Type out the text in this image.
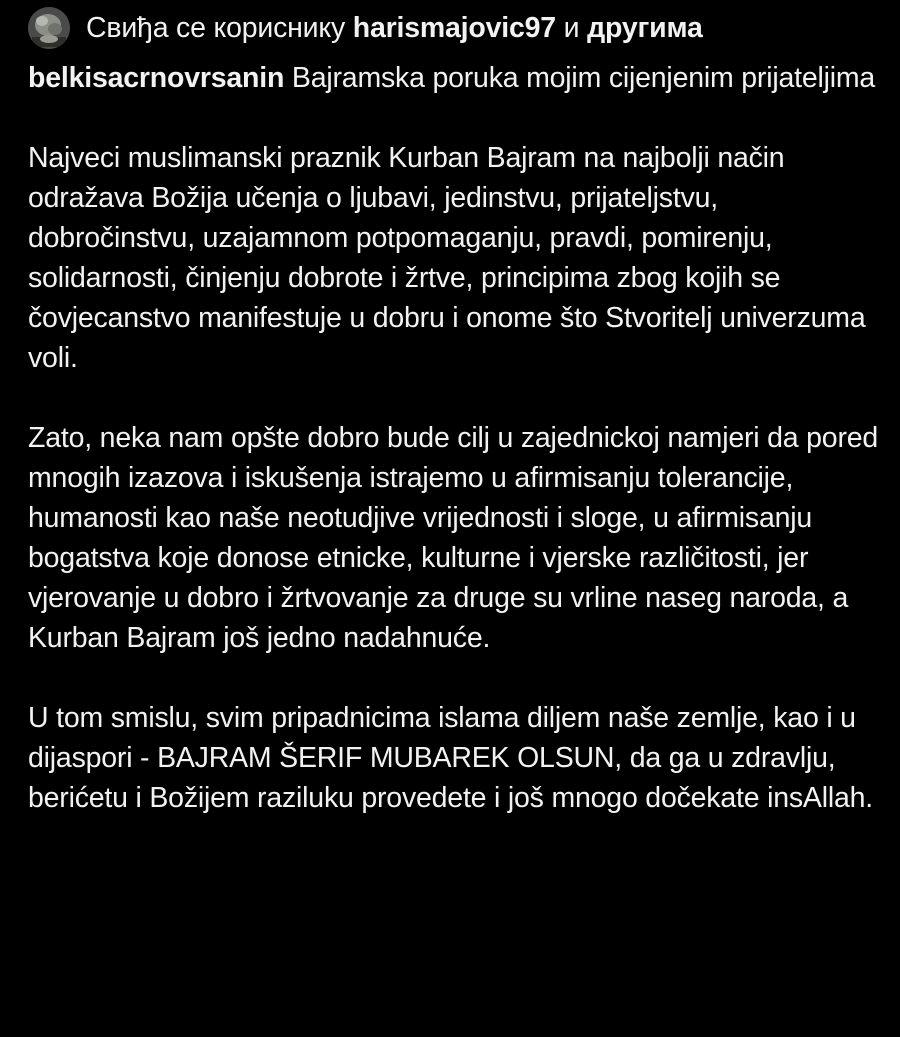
Свиђа се кориснику harismajovic97 и другима

belkisacrnovrsanin Bajramska poruka mojim cijenjenim prijateljima

Najveci muslimanski praznik Kurban Bajram na najbolji način odražava Božija učenja o ljubavi, jedinstvu, prijateljstvu, dobročinstvu, uzajamnom potpomaganju, pravdi, pomirenju, solidarnosti, činjenju dobrote i žrtve, principima zbog kojih se čovjecanstvo manifestuje u dobru i onome što Stvoritelj univerzuma voli.

Zato, neka nam opšte dobro bude cilj u zajednickoj namjeri da pored mnogih izazova i iskušenja istrajemo u afirmisanju tolerancije, humanosti kao naše neotudjive vrijednosti i sloge, u afirmisanju bogatstva koje donose etnicke, kulturne i vjerske različitosti, jer vjerovanje u dobro i žrtvovanje za druge su vrline naseg naroda, a Kurban Bajram još jedno nadahnuće.

U tom smislu, svim pripadnicima islama diljem naše zemlje, kao i u dijaspori - BAJRAM ŠERIF MUBAREK OLSUN, da ga u zdravlju, berićetu i Božijem raziluku provedete i još mnogo dočekate insAllah.
